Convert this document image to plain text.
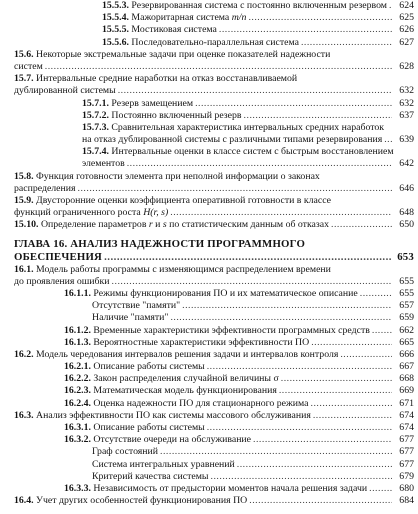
15.5.3. Резервированная система с постоянно включенным резервом .....	624
15.5.4. Мажоритарная система m/n .....	625
15.5.5. Мостиковая система .....	626
15.5.6. Последовательно-параллельная система .....	627
15.6. Некоторые экстремальные задачи при оценке показателей надежности
систем .....	628
15.7. Интервальные средние наработки на отказ восстанавливаемой
дублированной системы .....	632
15.7.1. Резерв замещением .....	632
15.7.2. Постоянно включенный резерв .....	637
15.7.3. Сравнительная характеристика интервальных средних наработок
на отказ дублированной системы с различными типами резервирования .....	639
15.7.4. Интервальные оценки в классе систем с быстрым восстановлением
элементов .....	642
15.8. Функция готовности элемента при неполной информации о законах
распределения .....	646
15.9. Двусторонние оценки коэффициента оперативной готовности в классе
функций ограниченного роста H(r, s) .....	648
15.10. Определение параметров r и s по статистическим данным об отказах .....	650
ГЛАВА 16. АНАЛИЗ НАДЕЖНОСТИ ПРОГРАММНОГО
ОБЕСПЕЧЕНИЯ .....	653
16.1. Модель работы программы с изменяющимся распределением времени
до проявления ошибки .....	655
16.1.1. Режимы функционирования ПО и их математическое описание .....	655
Отсутствие "памяти" .....	657
Наличие "памяти" .....	659
16.1.2. Временные характеристики эффективности программных средств .....	662
16.1.3. Вероятностные характеристики эффективности ПО .....	665
16.2. Модель чередования интервалов решения задачи и интервалов контроля .....	666
16.2.1. Описание работы системы .....	667
16.2.2. Закон распределения случайной величины σ .....	668
16.2.3. Математическая модель функционирования .....	669
16.2.4. Оценка надежности ПО для стационарного режима .....	671
16.3. Анализ эффективности ПО как системы массового обслуживания .....	674
16.3.1. Описание работы системы .....	674
16.3.2. Отсутствие очереди на обслуживание .....	677
Граф состояний .....	677
Система интегральных уравнений .....	677
Критерий качества системы .....	679
16.3.3. Независимость от предыстории моментов начала решения задачи .....	680
16.4. Учет других особенностей функционирования ПО .....	684
